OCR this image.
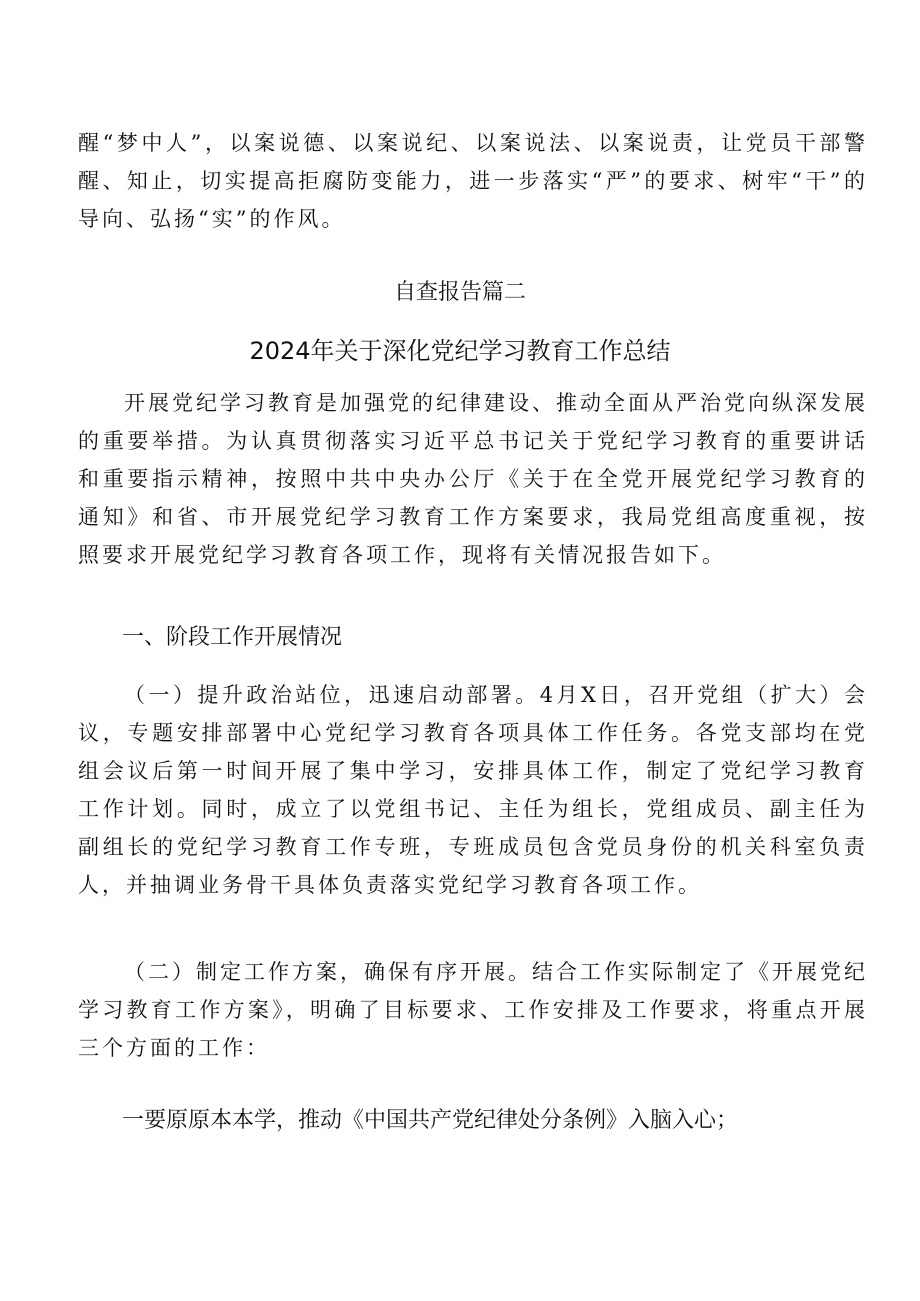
醒“梦中人”，以案说德、以案说纪、以案说法、以案说责，让党员干部警醒、知止，切实提高拒腐防变能力，进一步落实“严”的要求、树牢“干”的导向、弘扬“实”的作风。

自查报告篇二

2024年关于深化党纪学习教育工作总结

开展党纪学习教育是加强党的纪律建设、推动全面从严治党向纵深发展的重要举措。为认真贯彻落实习近平总书记关于党纪学习教育的重要讲话和重要指示精神，按照中共中央办公厅《关于在全党开展党纪学习教育的通知》和省、市开展党纪学习教育工作方案要求，我局党组高度重视，按照要求开展党纪学习教育各项工作，现将有关情况报告如下。

一、阶段工作开展情况

（一）提升政治站位，迅速启动部署。4月X日，召开党组（扩大）会议，专题安排部署中心党纪学习教育各项具体工作任务。各党支部均在党组会议后第一时间开展了集中学习，安排具体工作，制定了党纪学习教育工作计划。同时，成立了以党组书记、主任为组长，党组成员、副主任为副组长的党纪学习教育工作专班，专班成员包含党员身份的机关科室负责人，并抽调业务骨干具体负责落实党纪学习教育各项工作。

（二）制定工作方案，确保有序开展。结合工作实际制定了《开展党纪学习教育工作方案》，明确了目标要求、工作安排及工作要求，将重点开展三个方面的工作：

一要原原本本学，推动《中国共产党纪律处分条例》入脑入心；
